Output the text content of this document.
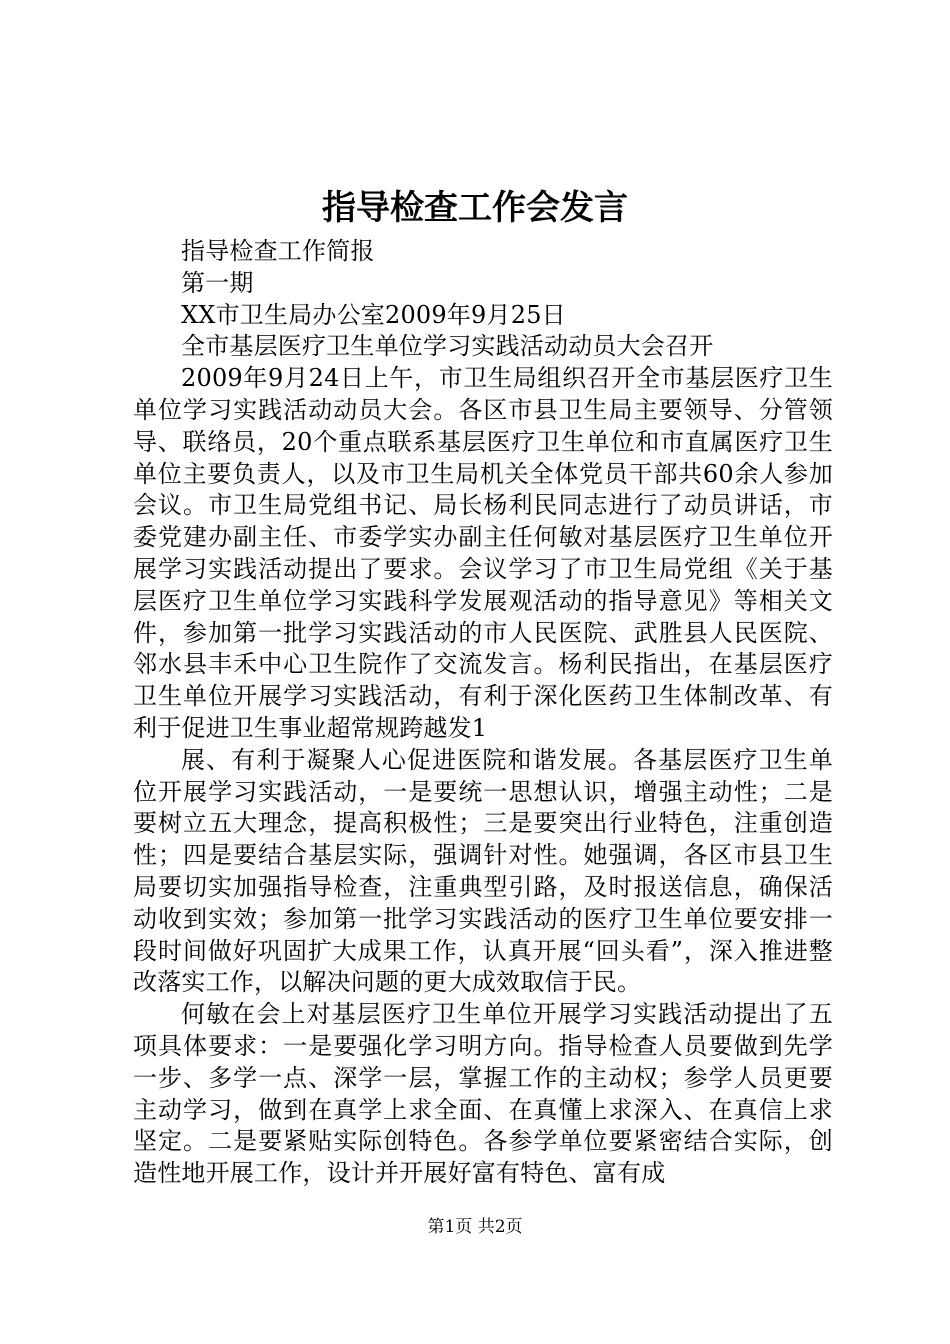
指导检查工作会发言

指导检查工作简报

第一期

XX市卫生局办公室2009年9月25日

全市基层医疗卫生单位学习实践活动动员大会召开

2009年9月24日上午，市卫生局组织召开全市基层医疗卫生单位学习实践活动动员大会。各区市县卫生局主要领导、分管领导、联络员，20个重点联系基层医疗卫生单位和市直属医疗卫生单位主要负责人，以及市卫生局机关全体党员干部共60余人参加会议。市卫生局党组书记、局长杨利民同志进行了动员讲话，市委党建办副主任、市委学实办副主任何敏对基层医疗卫生单位开展学习实践活动提出了要求。会议学习了市卫生局党组《关于基层医疗卫生单位学习实践科学发展观活动的指导意见》等相关文件，参加第一批学习实践活动的市人民医院、武胜县人民医院、邻水县丰禾中心卫生院作了交流发言。杨利民指出，在基层医疗卫生单位开展学习实践活动，有利于深化医药卫生体制改革、有利于促进卫生事业超常规跨越发1

展、有利于凝聚人心促进医院和谐发展。各基层医疗卫生单位开展学习实践活动，一是要统一思想认识，增强主动性；二是要树立五大理念，提高积极性；三是要突出行业特色，注重创造性；四是要结合基层实际，强调针对性。她强调，各区市县卫生局要切实加强指导检查，注重典型引路，及时报送信息，确保活动收到实效；参加第一批学习实践活动的医疗卫生单位要安排一段时间做好巩固扩大成果工作，认真开展“回头看”，深入推进整改落实工作，以解决问题的更大成效取信于民。

何敏在会上对基层医疗卫生单位开展学习实践活动提出了五项具体要求：一是要强化学习明方向。指导检查人员要做到先学一步、多学一点、深学一层，掌握工作的主动权；参学人员更要主动学习，做到在真学上求全面、在真懂上求深入、在真信上求坚定。二是要紧贴实际创特色。各参学单位要紧密结合实际，创造性地开展工作，设计并开展好富有特色、富有成

第1页 共2页
